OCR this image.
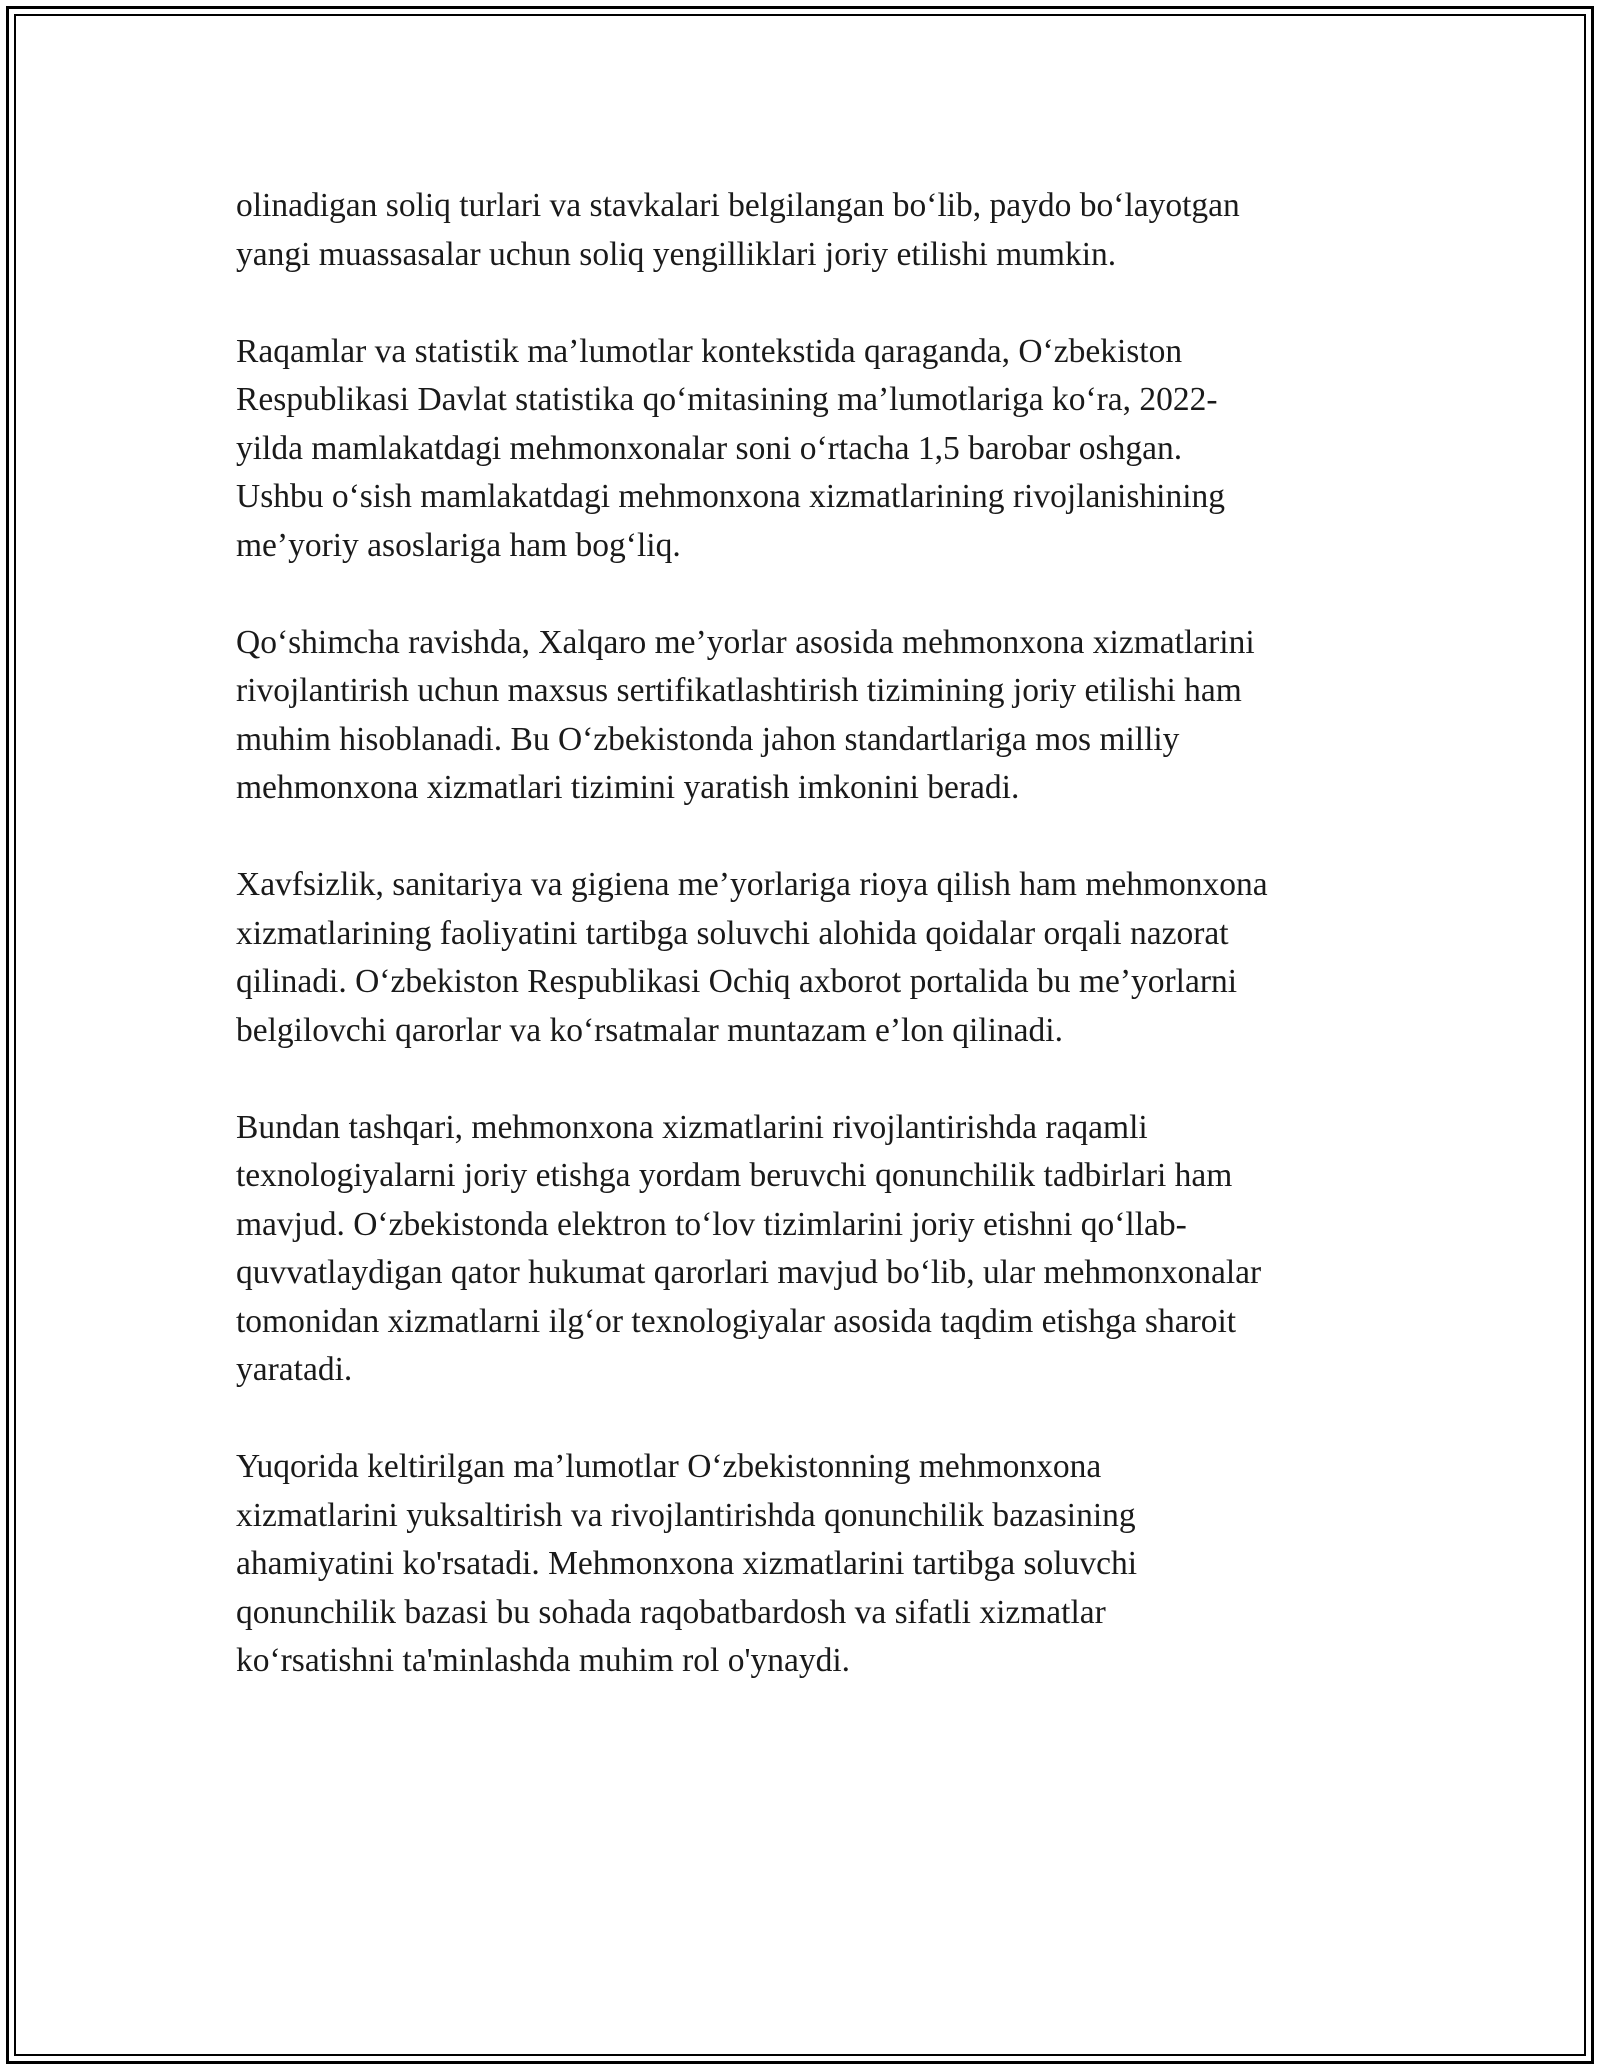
olinadigan soliq turlari va stavkalari belgilangan bo‘lib, paydo bo‘layotgan
yangi muassasalar uchun soliq yengilliklari joriy etilishi mumkin.

Raqamlar va statistik ma’lumotlar kontekstida qaraganda, O‘zbekiston
Respublikasi Davlat statistika qo‘mitasining ma’lumotlariga ko‘ra, 2022-
yilda mamlakatdagi mehmonxonalar soni o‘rtacha 1,5 barobar oshgan.
Ushbu o‘sish mamlakatdagi mehmonxona xizmatlarining rivojlanishining
me’yoriy asoslariga ham bog‘liq.

Qo‘shimcha ravishda, Xalqaro me’yorlar asosida mehmonxona xizmatlarini
rivojlantirish uchun maxsus sertifikatlashtirish tizimining joriy etilishi ham
muhim hisoblanadi. Bu O‘zbekistonda jahon standartlariga mos milliy
mehmonxona xizmatlari tizimini yaratish imkonini beradi.

Xavfsizlik, sanitariya va gigiena me’yorlariga rioya qilish ham mehmonxona
xizmatlarining faoliyatini tartibga soluvchi alohida qoidalar orqali nazorat
qilinadi. O‘zbekiston Respublikasi Ochiq axborot portalida bu me’yorlarni
belgilovchi qarorlar va ko‘rsatmalar muntazam e’lon qilinadi.

Bundan tashqari, mehmonxona xizmatlarini rivojlantirishda raqamli
texnologiyalarni joriy etishga yordam beruvchi qonunchilik tadbirlari ham
mavjud. O‘zbekistonda elektron to‘lov tizimlarini joriy etishni qo‘llab-
quvvatlaydigan qator hukumat qarorlari mavjud bo‘lib, ular mehmonxonalar
tomonidan xizmatlarni ilg‘or texnologiyalar asosida taqdim etishga sharoit
yaratadi.

Yuqorida keltirilgan ma’lumotlar O‘zbekistonning mehmonxona
xizmatlarini yuksaltirish va rivojlantirishda qonunchilik bazasining
ahamiyatini ko'rsatadi. Mehmonxona xizmatlarini tartibga soluvchi
qonunchilik bazasi bu sohada raqobatbardosh va sifatli xizmatlar
ko‘rsatishni ta'minlashda muhim rol o'ynaydi.
